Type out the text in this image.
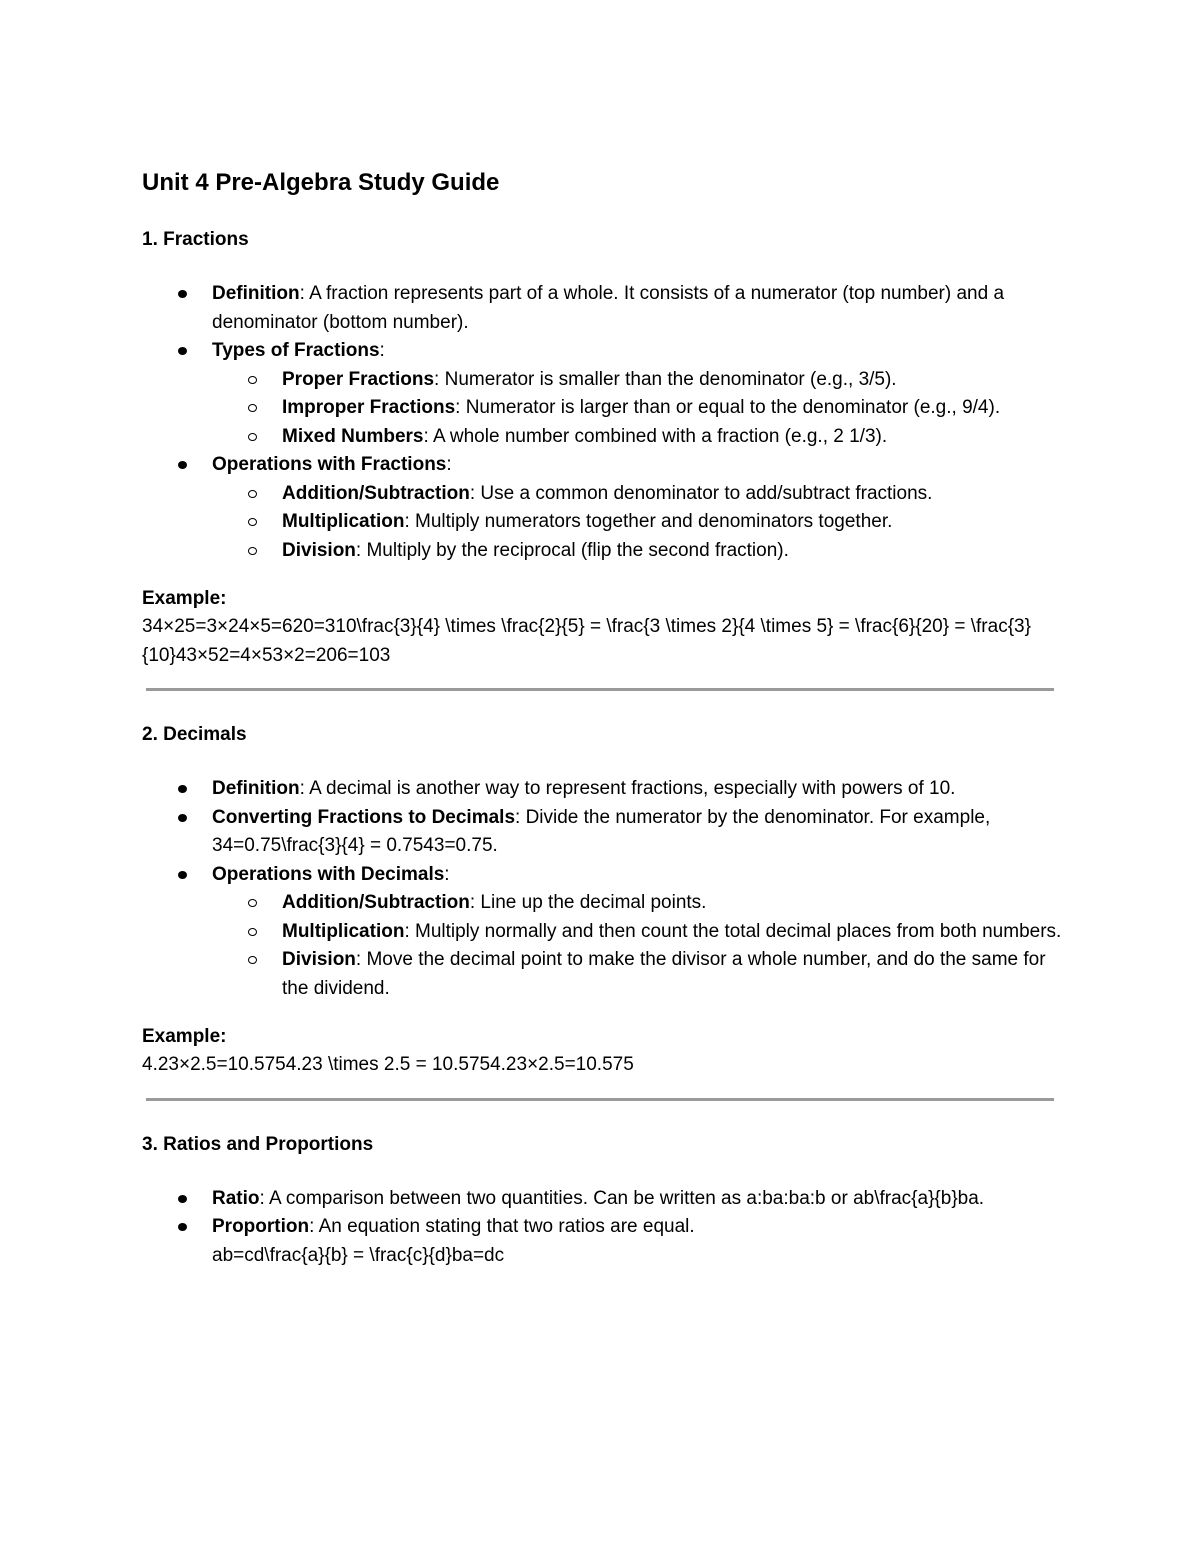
Unit 4 Pre-Algebra Study Guide
1. Fractions
Definition: A fraction represents part of a whole. It consists of a numerator (top number) and a denominator (bottom number).
Types of Fractions:
Proper Fractions: Numerator is smaller than the denominator (e.g., 3/5).
Improper Fractions: Numerator is larger than or equal to the denominator (e.g., 9/4).
Mixed Numbers: A whole number combined with a fraction (e.g., 2 1/3).
Operations with Fractions:
Addition/Subtraction: Use a common denominator to add/subtract fractions.
Multiplication: Multiply numerators together and denominators together.
Division: Multiply by the reciprocal (flip the second fraction).
Example:
34×25=3×24×5=620=310\frac{3}{4} \times \frac{2}{5} = \frac{3 \times 2}{4 \times 5} = \frac{6}{20} = \frac{3}{10}43×52=4×53×2=206=103
2. Decimals
Definition: A decimal is another way to represent fractions, especially with powers of 10.
Converting Fractions to Decimals: Divide the numerator by the denominator. For example, 34=0.75\frac{3}{4} = 0.7543=0.75.
Operations with Decimals:
Addition/Subtraction: Line up the decimal points.
Multiplication: Multiply normally and then count the total decimal places from both numbers.
Division: Move the decimal point to make the divisor a whole number, and do the same for the dividend.
Example:
4.23×2.5=10.5754.23 \times 2.5 = 10.5754.23×2.5=10.575
3. Ratios and Proportions
Ratio: A comparison between two quantities. Can be written as a:ba:ba:b or ab\frac{a}{b}ba.
Proportion: An equation stating that two ratios are equal.
ab=cd\frac{a}{b} = \frac{c}{d}ba=dc
